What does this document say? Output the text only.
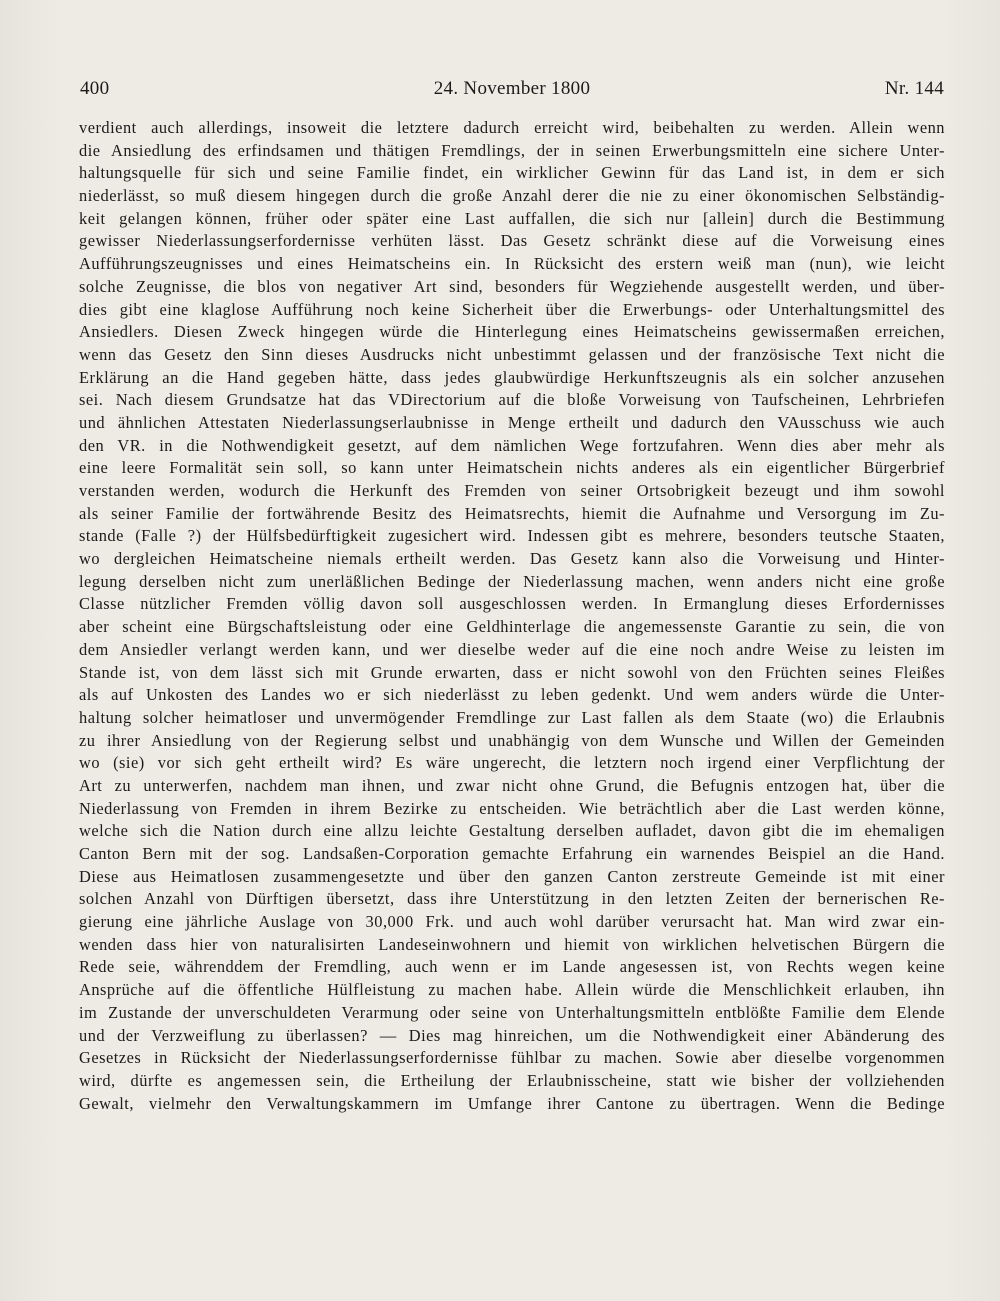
400	24. November 1800	Nr. 144
verdient auch allerdings, insoweit die letztere dadurch erreicht wird, beibehalten zu werden. Allein wenn
die Ansiedlung des erfindsamen und thätigen Fremdlings, der in seinen Erwerbungsmitteln eine sichere Unter-
haltungsquelle für sich und seine Familie findet, ein wirklicher Gewinn für das Land ist, in dem er sich
niederlässt, so muß diesem hingegen durch die große Anzahl derer die nie zu einer ökonomischen Selbständig-
keit gelangen können, früher oder später eine Last auffallen, die sich nur [allein] durch die Bestimmung
gewisser Niederlassungserfordernisse verhüten lässt. Das Gesetz schränkt diese auf die Vorweisung eines
Aufführungszeugnisses und eines Heimatscheins ein. In Rücksicht des erstern weiß man (nun), wie leicht
solche Zeugnisse, die blos von negativer Art sind, besonders für Wegziehende ausgestellt werden, und über-
dies gibt eine klaglose Aufführung noch keine Sicherheit über die Erwerbungs- oder Unterhaltungsmittel des
Ansiedlers. Diesen Zweck hingegen würde die Hinterlegung eines Heimatscheins gewissermaßen erreichen,
wenn das Gesetz den Sinn dieses Ausdrucks nicht unbestimmt gelassen und der französische Text nicht die
Erklärung an die Hand gegeben hätte, dass jedes glaubwürdige Herkunftszeugnis als ein solcher anzusehen
sei. Nach diesem Grundsatze hat das VDirectorium auf die bloße Vorweisung von Taufscheinen, Lehrbriefen
und ähnlichen Attestaten Niederlassungserlaubnisse in Menge ertheilt und dadurch den VAusschuss wie auch
den VR. in die Nothwendigkeit gesetzt, auf dem nämlichen Wege fortzufahren. Wenn dies aber mehr als
eine leere Formalität sein soll, so kann unter Heimatschein nichts anderes als ein eigentlicher Bürgerbrief
verstanden werden, wodurch die Herkunft des Fremden von seiner Ortsobrigkeit bezeugt und ihm sowohl
als seiner Familie der fortwährende Besitz des Heimatsrechts, hiemit die Aufnahme und Versorgung im Zu-
stande (Falle ?) der Hülfsbedürftigkeit zugesichert wird. Indessen gibt es mehrere, besonders teutsche Staaten,
wo dergleichen Heimatscheine niemals ertheilt werden. Das Gesetz kann also die Vorweisung und Hinter-
legung derselben nicht zum unerläßlichen Bedinge der Niederlassung machen, wenn anders nicht eine große
Classe nützlicher Fremden völlig davon soll ausgeschlossen werden. In Ermanglung dieses Erfordernisses
aber scheint eine Bürgschaftsleistung oder eine Geldhinterlage die angemessenste Garantie zu sein, die von
dem Ansiedler verlangt werden kann, und wer dieselbe weder auf die eine noch andre Weise zu leisten im
Stande ist, von dem lässt sich mit Grunde erwarten, dass er nicht sowohl von den Früchten seines Fleißes
als auf Unkosten des Landes wo er sich niederlässt zu leben gedenkt. Und wem anders würde die Unter-
haltung solcher heimatloser und unvermögender Fremdlinge zur Last fallen als dem Staate (wo) die Erlaubnis
zu ihrer Ansiedlung von der Regierung selbst und unabhängig von dem Wunsche und Willen der Gemeinden
wo (sie) vor sich geht ertheilt wird? Es wäre ungerecht, die letztern noch irgend einer Verpflichtung der
Art zu unterwerfen, nachdem man ihnen, und zwar nicht ohne Grund, die Befugnis entzogen hat, über die
Niederlassung von Fremden in ihrem Bezirke zu entscheiden. Wie beträchtlich aber die Last werden könne,
welche sich die Nation durch eine allzu leichte Gestaltung derselben aufladet, davon gibt die im ehemaligen
Canton Bern mit der sog. Landsaßen-Corporation gemachte Erfahrung ein warnendes Beispiel an die Hand.
Diese aus Heimatlosen zusammengesetzte und über den ganzen Canton zerstreute Gemeinde ist mit einer
solchen Anzahl von Dürftigen übersetzt, dass ihre Unterstützung in den letzten Zeiten der bernerischen Re-
gierung eine jährliche Auslage von 30,000 Frk. und auch wohl darüber verursacht hat. Man wird zwar ein-
wenden dass hier von naturalisirten Landeseinwohnern und hiemit von wirklichen helvetischen Bürgern die
Rede seie, währenddem der Fremdling, auch wenn er im Lande angesessen ist, von Rechts wegen keine
Ansprüche auf die öffentliche Hülfleistung zu machen habe. Allein würde die Menschlichkeit erlauben, ihn
im Zustande der unverschuldeten Verarmung oder seine von Unterhaltungsmitteln entblößte Familie dem Elende
und der Verzweiflung zu überlassen? — Dies mag hinreichen, um die Nothwendigkeit einer Abänderung des
Gesetzes in Rücksicht der Niederlassungserfordernisse fühlbar zu machen. Sowie aber dieselbe vorgenommen
wird, dürfte es angemessen sein, die Ertheilung der Erlaubnisscheine, statt wie bisher der vollziehenden
Gewalt, vielmehr den Verwaltungskammern im Umfange ihrer Cantone zu übertragen. Wenn die Bedinge
